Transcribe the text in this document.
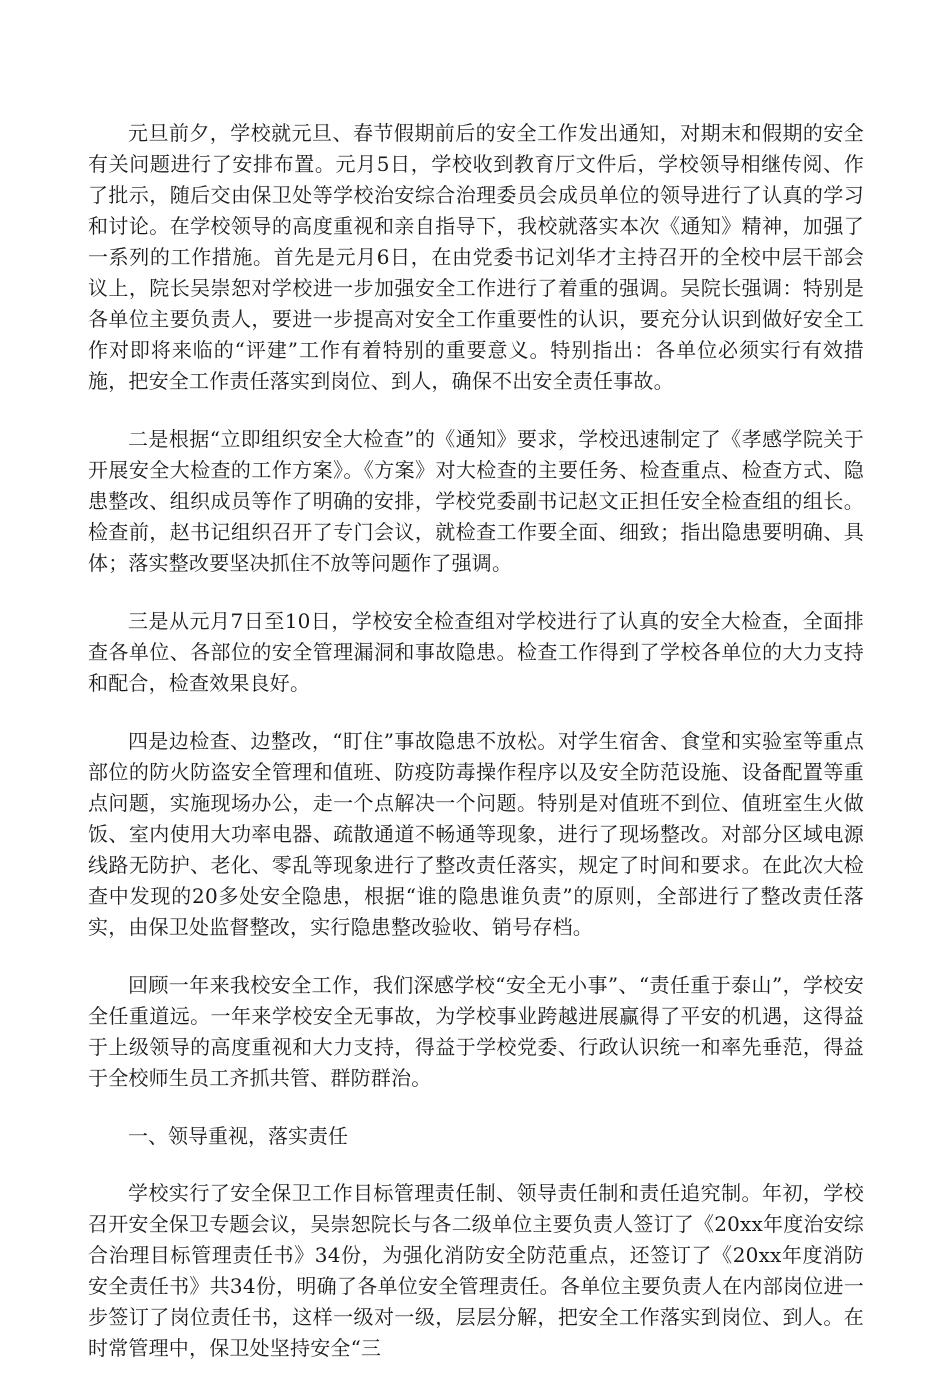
元旦前夕，学校就元旦、春节假期前后的安全工作发出通知，对期末和假期的安全有关问题进行了安排布置。元月5日，学校收到教育厅文件后，学校领导相继传阅、作了批示，随后交由保卫处等学校治安综合治理委员会成员单位的领导进行了认真的学习和讨论。在学校领导的高度重视和亲自指导下，我校就落实本次《通知》精神，加强了一系列的工作措施。首先是元月6日，在由党委书记刘华才主持召开的全校中层干部会议上，院长吴崇恕对学校进一步加强安全工作进行了着重的强调。吴院长强调：特别是各单位主要负责人，要进一步提高对安全工作重要性的认识，要充分认识到做好安全工作对即将来临的“评建”工作有着特别的重要意义。特别指出：各单位必须实行有效措施，把安全工作责任落实到岗位、到人，确保不出安全责任事故。

二是根据“立即组织安全大检查”的《通知》要求，学校迅速制定了《孝感学院关于开展安全大检查的工作方案》。《方案》对大检查的主要任务、检查重点、检查方式、隐患整改、组织成员等作了明确的安排，学校党委副书记赵文正担任安全检查组的组长。检查前，赵书记组织召开了专门会议，就检查工作要全面、细致；指出隐患要明确、具体；落实整改要坚决抓住不放等问题作了强调。

三是从元月7日至10日，学校安全检查组对学校进行了认真的安全大检查，全面排查各单位、各部位的安全管理漏洞和事故隐患。检查工作得到了学校各单位的大力支持和配合，检查效果良好。

四是边检查、边整改，“盯住”事故隐患不放松。对学生宿舍、食堂和实验室等重点部位的防火防盗安全管理和值班、防疫防毒操作程序以及安全防范设施、设备配置等重点问题，实施现场办公，走一个点解决一个问题。特别是对值班不到位、值班室生火做饭、室内使用大功率电器、疏散通道不畅通等现象，进行了现场整改。对部分区域电源线路无防护、老化、零乱等现象进行了整改责任落实，规定了时间和要求。在此次大检查中发现的20多处安全隐患，根据“谁的隐患谁负责”的原则，全部进行了整改责任落实，由保卫处监督整改，实行隐患整改验收、销号存档。

回顾一年来我校安全工作，我们深感学校“安全无小事”、“责任重于泰山”，学校安全任重道远。一年来学校安全无事故，为学校事业跨越进展赢得了平安的机遇，这得益于上级领导的高度重视和大力支持，得益于学校党委、行政认识统一和率先垂范，得益于全校师生员工齐抓共管、群防群治。

一、领导重视，落实责任

学校实行了安全保卫工作目标管理责任制、领导责任制和责任追究制。年初，学校召开安全保卫专题会议，吴崇恕院长与各二级单位主要负责人签订了《20xx年度治安综合治理目标管理责任书》34份，为强化消防安全防范重点，还签订了《20xx年度消防安全责任书》共34份，明确了各单位安全管理责任。各单位主要负责人在内部岗位进一步签订了岗位责任书，这样一级对一级，层层分解，把安全工作落实到岗位、到人。在时常管理中，保卫处坚持安全“三
